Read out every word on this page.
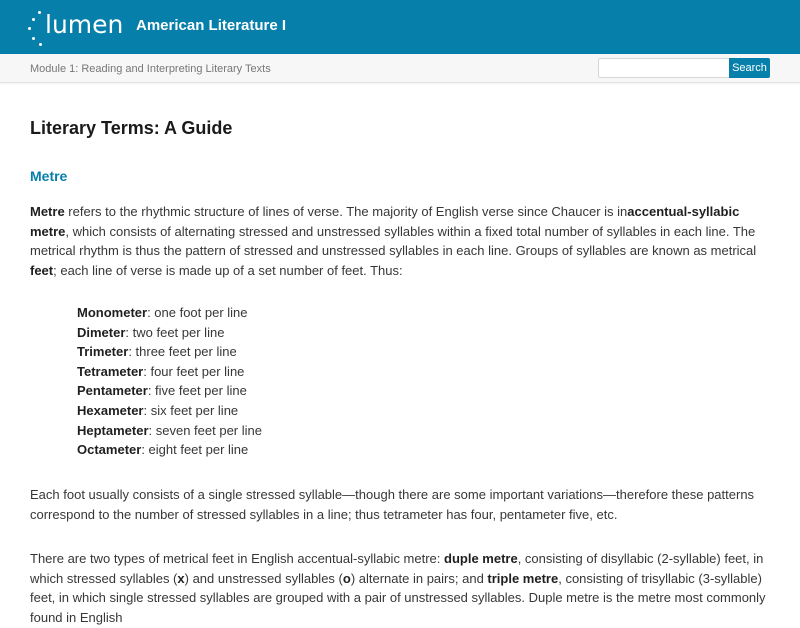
lumen American Literature I
Module 1: Reading and Interpreting Literary Texts	Search
Literary Terms: A Guide
Metre

Metre refers to the rhythmic structure of lines of verse. The majority of English verse since Chaucer is inaccentual-syllabic metre, which consists of alternating stressed and unstressed syllables within a fixed total number of syllables in each line. The metrical rhythm is thus the pattern of stressed and unstressed syllables in each line. Groups of syllables are known as metrical feet; each line of verse is made up of a set number of feet. Thus:

Monometer: one foot per line
Dimeter: two feet per line
Trimeter: three feet per line
Tetrameter: four feet per line
Pentameter: five feet per line
Hexameter: six feet per line
Heptameter: seven feet per line
Octameter: eight feet per line

Each foot usually consists of a single stressed syllable—though there are some important variations—therefore these patterns correspond to the number of stressed syllables in a line; thus tetrameter has four, pentameter five, etc.

There are two types of metrical feet in English accentual-syllabic metre: duple metre, consisting of disyllabic (2-syllable) feet, in which stressed syllables (x) and unstressed syllables (o) alternate in pairs; and triple metre, consisting of trisyllabic (3-syllable) feet, in which single stressed syllables are grouped with a pair of unstressed syllables. Duple metre is the metre most commonly found in English
